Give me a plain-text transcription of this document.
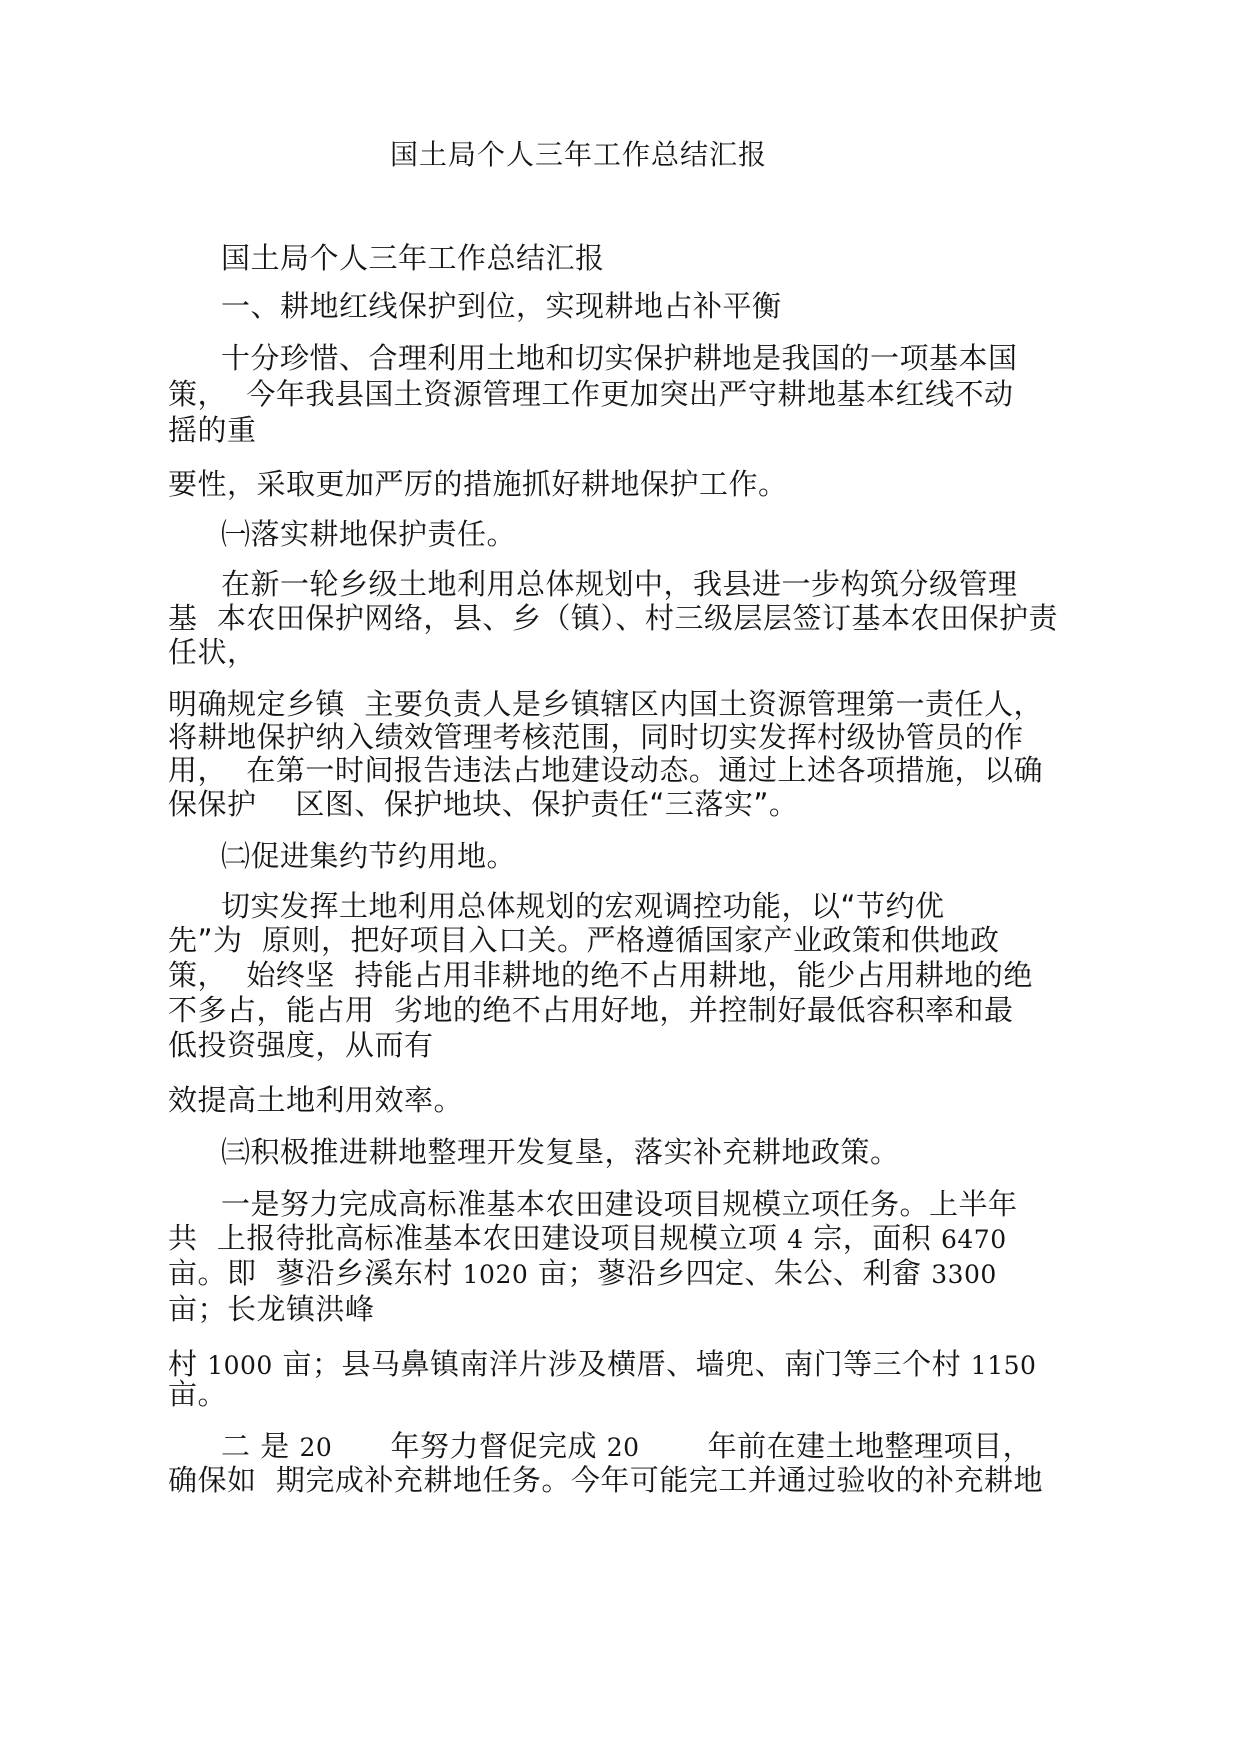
国土局个人三年工作总结汇报
国土局个人三年工作总结汇报
一、耕地红线保护到位，实现耕地占补平衡
十分珍惜、合理利用土地和切实保护耕地是我国的一项基本国
策，  今年我县国土资源管理工作更加突出严守耕地基本红线不动
摇的重
要性，采取更加严厉的措施抓好耕地保护工作。
㈠落实耕地保护责任。
在新一轮乡级土地利用总体规划中，我县进一步构筑分级管理
基  本农田保护网络，县、乡（镇）、村三级层层签订基本农田保护责
任状，
明确规定乡镇  主要负责人是乡镇辖区内国土资源管理第一责任人，
将耕地保护纳入绩效管理考核范围，同时切实发挥村级协管员的作
用，  在第一时间报告违法占地建设动态。通过上述各项措施，以确
保保护    区图、保护地块、保护责任“三落实”。
㈡促进集约节约用地。
切实发挥土地利用总体规划的宏观调控功能，以“节约优
先”为  原则，把好项目入口关。严格遵循国家产业政策和供地政
策，  始终坚  持能占用非耕地的绝不占用耕地，能少占用耕地的绝
不多占，能占用  劣地的绝不占用好地，并控制好最低容积率和最
低投资强度，从而有
效提高土地利用效率。
㈢积极推进耕地整理开发复垦，落实补充耕地政策。
一是努力完成高标准基本农田建设项目规模立项任务。上半年
共  上报待批高标准基本农田建设项目规模立项 4 宗，面积 6470
亩。即  蓼沿乡溪东村 1020 亩；蓼沿乡四定、朱公、利畲 3300
亩；长龙镇洪峰
村 1000 亩；县马鼻镇南洋片涉及横厝、墙兜、南门等三个村 1150
亩。
二 是 20      年努力督促完成 20       年前在建土地整理项目，
确保如  期完成补充耕地任务。今年可能完工并通过验收的补充耕地
